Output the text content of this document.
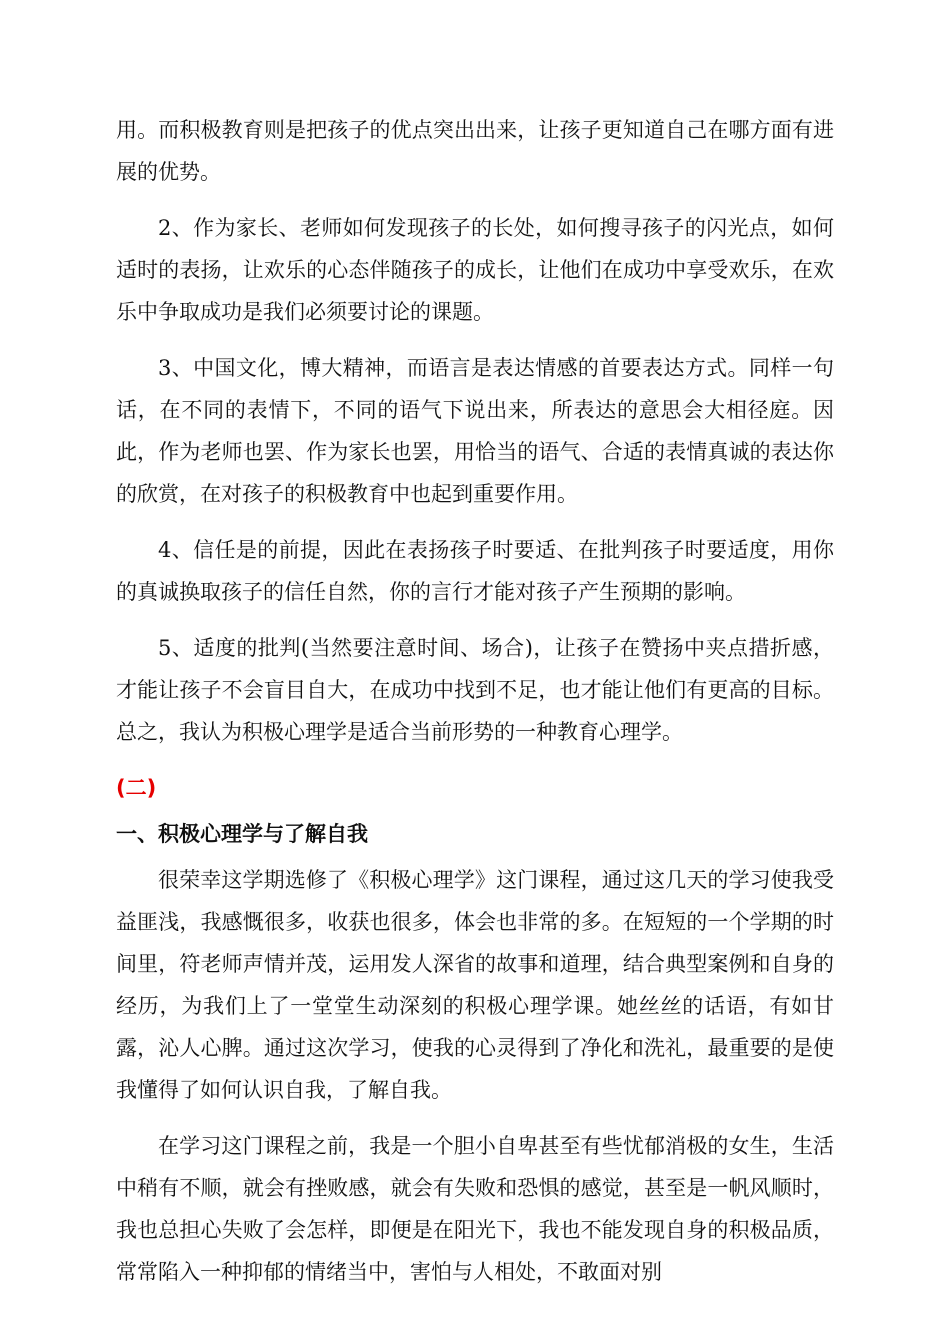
用。而积极教育则是把孩子的优点突出出来，让孩子更知道自己在哪方面有进展的优势。

2、作为家长、老师如何发现孩子的长处，如何搜寻孩子的闪光点，如何适时的表扬，让欢乐的心态伴随孩子的成长，让他们在成功中享受欢乐，在欢乐中争取成功是我们必须要讨论的课题。

3、中国文化，博大精神，而语言是表达情感的首要表达方式。同样一句话，在不同的表情下，不同的语气下说出来，所表达的意思会大相径庭。因此，作为老师也罢、作为家长也罢，用恰当的语气、合适的表情真诚的表达你的欣赏，在对孩子的积极教育中也起到重要作用。

4、信任是的前提，因此在表扬孩子时要适、在批判孩子时要适度，用你的真诚换取孩子的信任自然，你的言行才能对孩子产生预期的影响。

5、适度的批判(当然要注意时间、场合)，让孩子在赞扬中夹点措折感，才能让孩子不会盲目自大，在成功中找到不足，也才能让他们有更高的目标。总之，我认为积极心理学是适合当前形势的一种教育心理学。

(二)
一、积极心理学与了解自我

很荣幸这学期选修了《积极心理学》这门课程，通过这几天的学习使我受益匪浅，我感慨很多，收获也很多，体会也非常的多。在短短的一个学期的时间里，符老师声情并茂，运用发人深省的故事和道理，结合典型案例和自身的经历，为我们上了一堂堂生动深刻的积极心理学课。她丝丝的话语，有如甘露，沁人心脾。通过这次学习，使我的心灵得到了净化和洗礼，最重要的是使我懂得了如何认识自我，了解自我。

在学习这门课程之前，我是一个胆小自卑甚至有些忧郁消极的女生，生活中稍有不顺，就会有挫败感，就会有失败和恐惧的感觉，甚至是一帆风顺时，我也总担心失败了会怎样，即便是在阳光下，我也不能发现自身的积极品质，常常陷入一种抑郁的情绪当中，害怕与人相处，不敢面对别
